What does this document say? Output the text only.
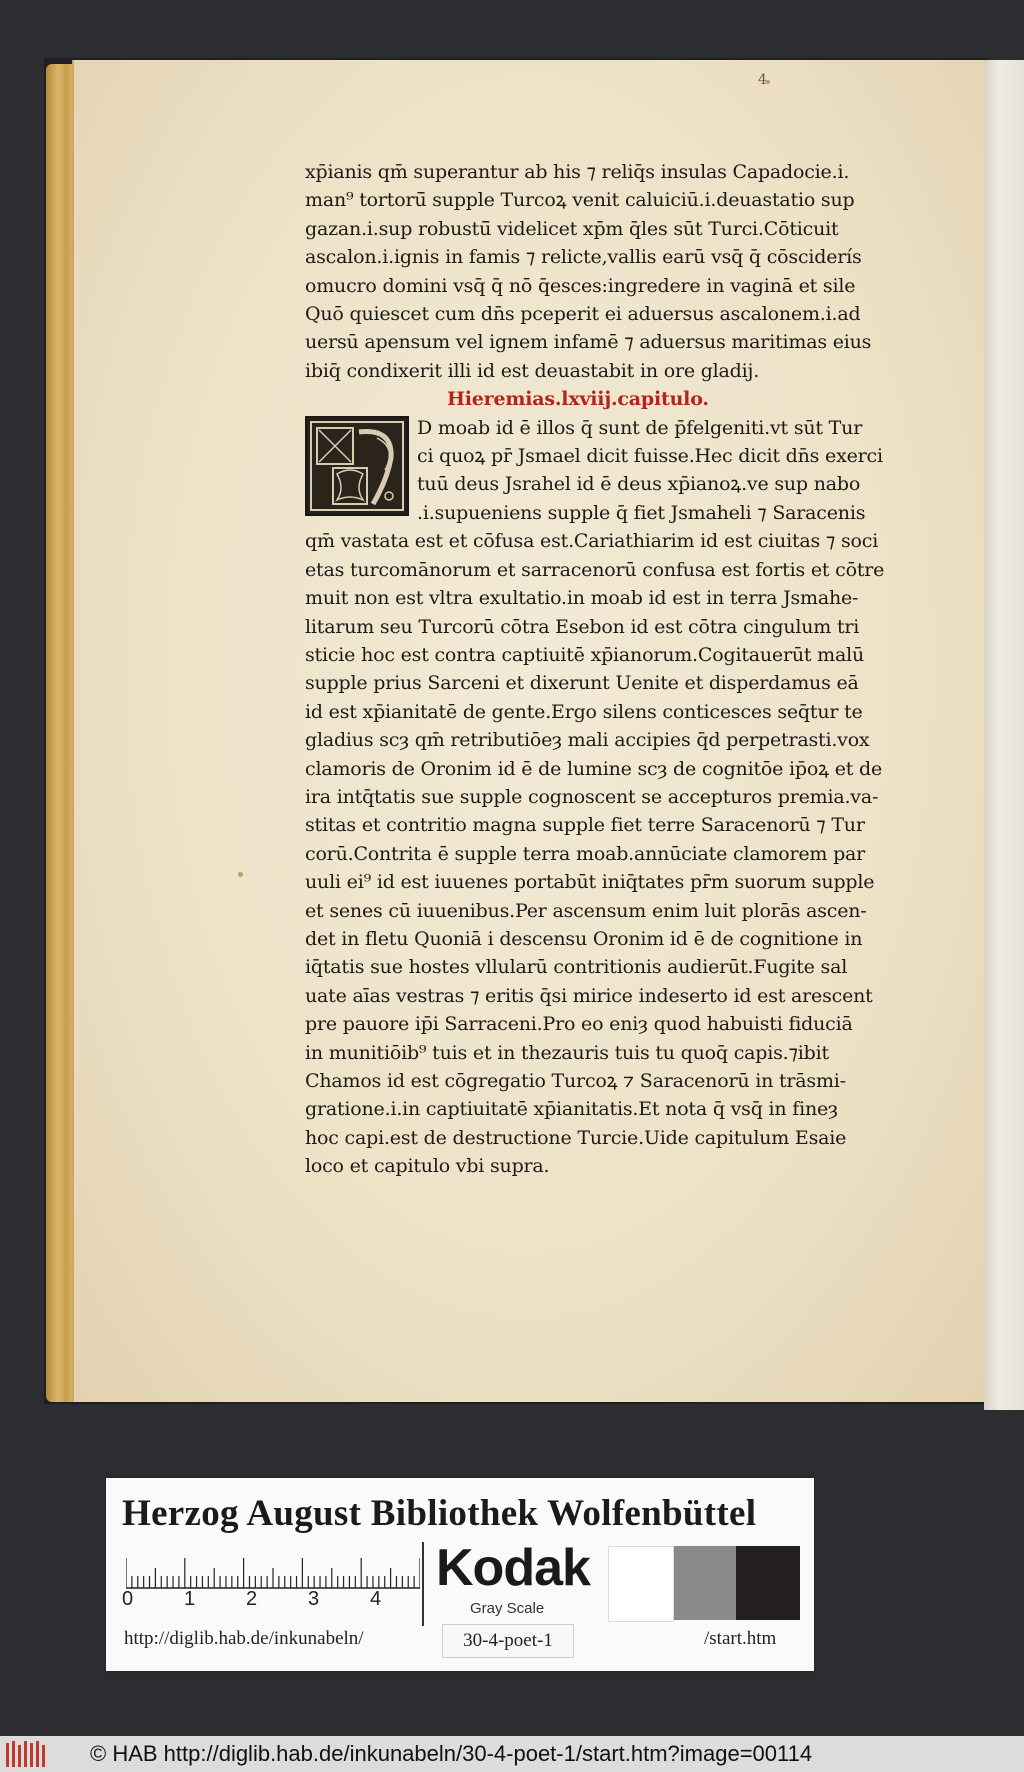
xp̄ianis qm̄ superantur ab his ⁊ reliq̄s insulas Capadocie.i.
man⁹ tortorū̄ supple Turcoꝝ venit caluiciū.i.deuastatio sup
gazan.i.sup robustū̄ videlicet xp̄m q̄les sūt Turci.Cōticuit
ascalon.i.ignis in famis ⁊ relicte,vallis earū vsq̄ q̄ cōsciderís
omucro domini vsq̄ q̄ nō q̄esces:ingredere in vaginā et sile
Quō quiescet cum dn̄s pceperit ei aduersus ascalonem.i.ad
uersū apensum vel ignem infamē ⁊ aduersus maritimas eius
ibiq̄ condixerit illi id est deuastabit in ore gladij.
Hieremias.lxviij.capitulo.
D moab id ē illos q̄ sunt de p̄felgeniti.vt sūt Tur
ci quoꝝ pr̄ Jsmael dicit fuisse.Hec dicit dn̄s exerci
tuū deus Jsrahel id ē deus xp̄ianoꝝ.ve sup nabo
.i.supueniens supple q̄ fiet Jsmaheli ⁊ Saracenis
qm̄ vastata est et cōfusa est.Cariathiarim id est ciuitas ⁊ soci
etas turcomānorum et sarracenorū confusa est fortis et cōtre
muit non est vltra exultatio.in moab id est in terra Jsmahe-
litarum seu Turcorū cōtra Esebon id est cōtra cingulum tri
sticie hoc est contra captiuitē xp̄ianorum.Cogitauerūt malū
supple prius Sarceni et dixerunt Uenite et disperdamus eā
id est xp̄ianitatē de gente.Ergo silens conticesces seq̄tur te
gladius scȝ qm̄ retributiōeȝ mali accipies q̄d perpetrasti.vox
clamoris de Oronim id ē de lumine scȝ de cognitōe ip̄oꝝ et de
ira intq̄tatis sue supple cognoscent se accepturos premia.va-
stitas et contritio magna supple fiet terre Saracenorū ⁊ Tur
corū.Contrita ē supple terra moab.annūciate clamorem par
uuli ei⁹ id est iuuenes portabūt iniq̄tates pr̄m suorum supple
et senes cū iuuenibus.Per ascensum enim luit plorās ascen-
det in fletu Quoniā i descensu Oronim id ē de cognitione in
iq̄tatis sue hostes vllularū contritionis audierūt.Fugite sal
uate aīas vestras ⁊ eritis q̄si mirice indeserto id est arescent
pre pauore ip̄i Sarraceni.Pro eo eniȝ quod habuisti fiduciā
in munitiōib⁹ tuis et in thezauris tuis tu quoq̄ capis.⁊ibit
Chamos id est cōgregatio Turcoꝝ ⁊ Saracenorū in trāsmi-
gratione.i.in captiuitatē xp̄ianitatis.Et nota q̄ vsq̄ in fineȝ
hoc capi.est de destructione Turcie.Uide capitulum Esaie
loco et capitulo vbi supra.
4
Herzog August Bibliothek Wolfenbüttel
0	1	2	3	4
Kodak
Gray Scale
http://diglib.hab.de/inkunabeln/	30-4-poet-1	/start.htm
© HAB http://diglib.hab.de/inkunabeln/30-4-poet-1/start.htm?image=00114
